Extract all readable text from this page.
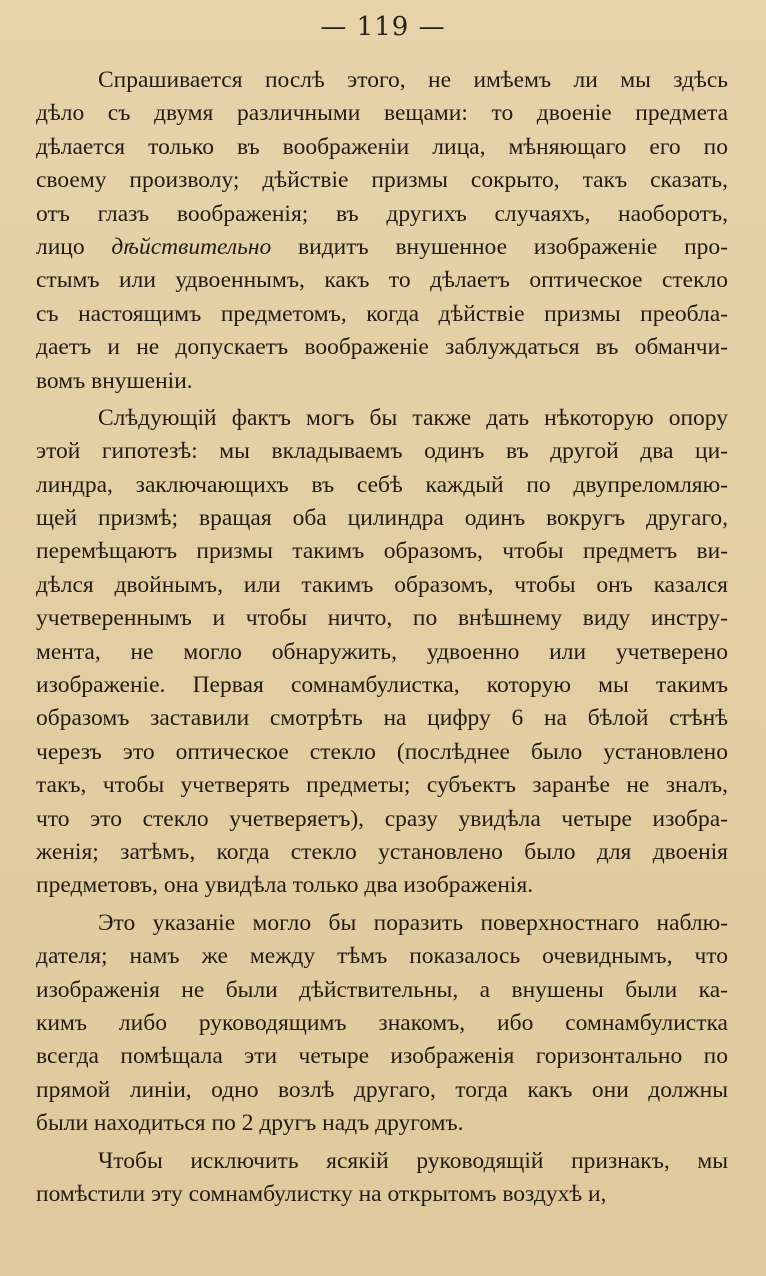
— 119 —
Спрашивается послѣ этого, не имѣемъ ли мы здѣсь
дѣло съ двумя различными вещами: то двоеніе предмета
дѣлается только въ воображеніи лица, мѣняющаго его по
своему произволу; дѣйствіе призмы сокрыто, такъ сказать,
отъ глазъ воображенія; въ другихъ случаяхъ, наоборотъ,
лицо дѣйствительно видитъ внушенное изображеніе про-
стымъ или удвоеннымъ, какъ то дѣлаетъ оптическое стекло
съ настоящимъ предметомъ, когда дѣйствіе призмы преобла-
даетъ и не допускаетъ воображеніе заблуждаться въ обманчи-
вомъ внушеніи.
Слѣдующій фактъ могъ бы также дать нѣкоторую опору
этой гипотезѣ: мы вкладываемъ одинъ въ другой два ци-
линдра, заключающихъ въ себѣ каждый по двупреломляю-
щей призмѣ; вращая оба цилиндра одинъ вокругъ другаго,
перемѣщаютъ призмы такимъ образомъ, чтобы предметъ ви-
дѣлся двойнымъ, или такимъ образомъ, чтобы онъ казался
учетвереннымъ и чтобы ничто, по внѣшнему виду инстру-
мента, не могло обнаружить, удвоенно или учетверено
изображеніе. Первая сомнамбулистка, которую мы такимъ
образомъ заставили смотрѣть на цифру 6 на бѣлой стѣнѣ
черезъ это оптическое стекло (послѣднее было установлено
такъ, чтобы учетверять предметы; субъектъ заранѣе не зналъ,
что это стекло учетверяетъ), сразу увидѣла четыре изобра-
женія; затѣмъ, когда стекло установлено было для двоенія
предметовъ, она увидѣла только два изображенія.
Это указаніе могло бы поразить поверхностнаго наблю-
дателя; намъ же между тѣмъ показалось очевиднымъ, что
изображенія не были дѣйствительны, а внушены были ка-
кимъ либо руководящимъ знакомъ, ибо сомнамбулистка
всегда помѣщала эти четыре изображенія горизонтально по
прямой линіи, одно возлѣ другаго, тогда какъ они должны
были находиться по 2 другъ надъ другомъ.
Чтобы исключить ясякій руководящій признакъ, мы
помѣстили эту сомнамбулистку на открытомъ воздухѣ и,
